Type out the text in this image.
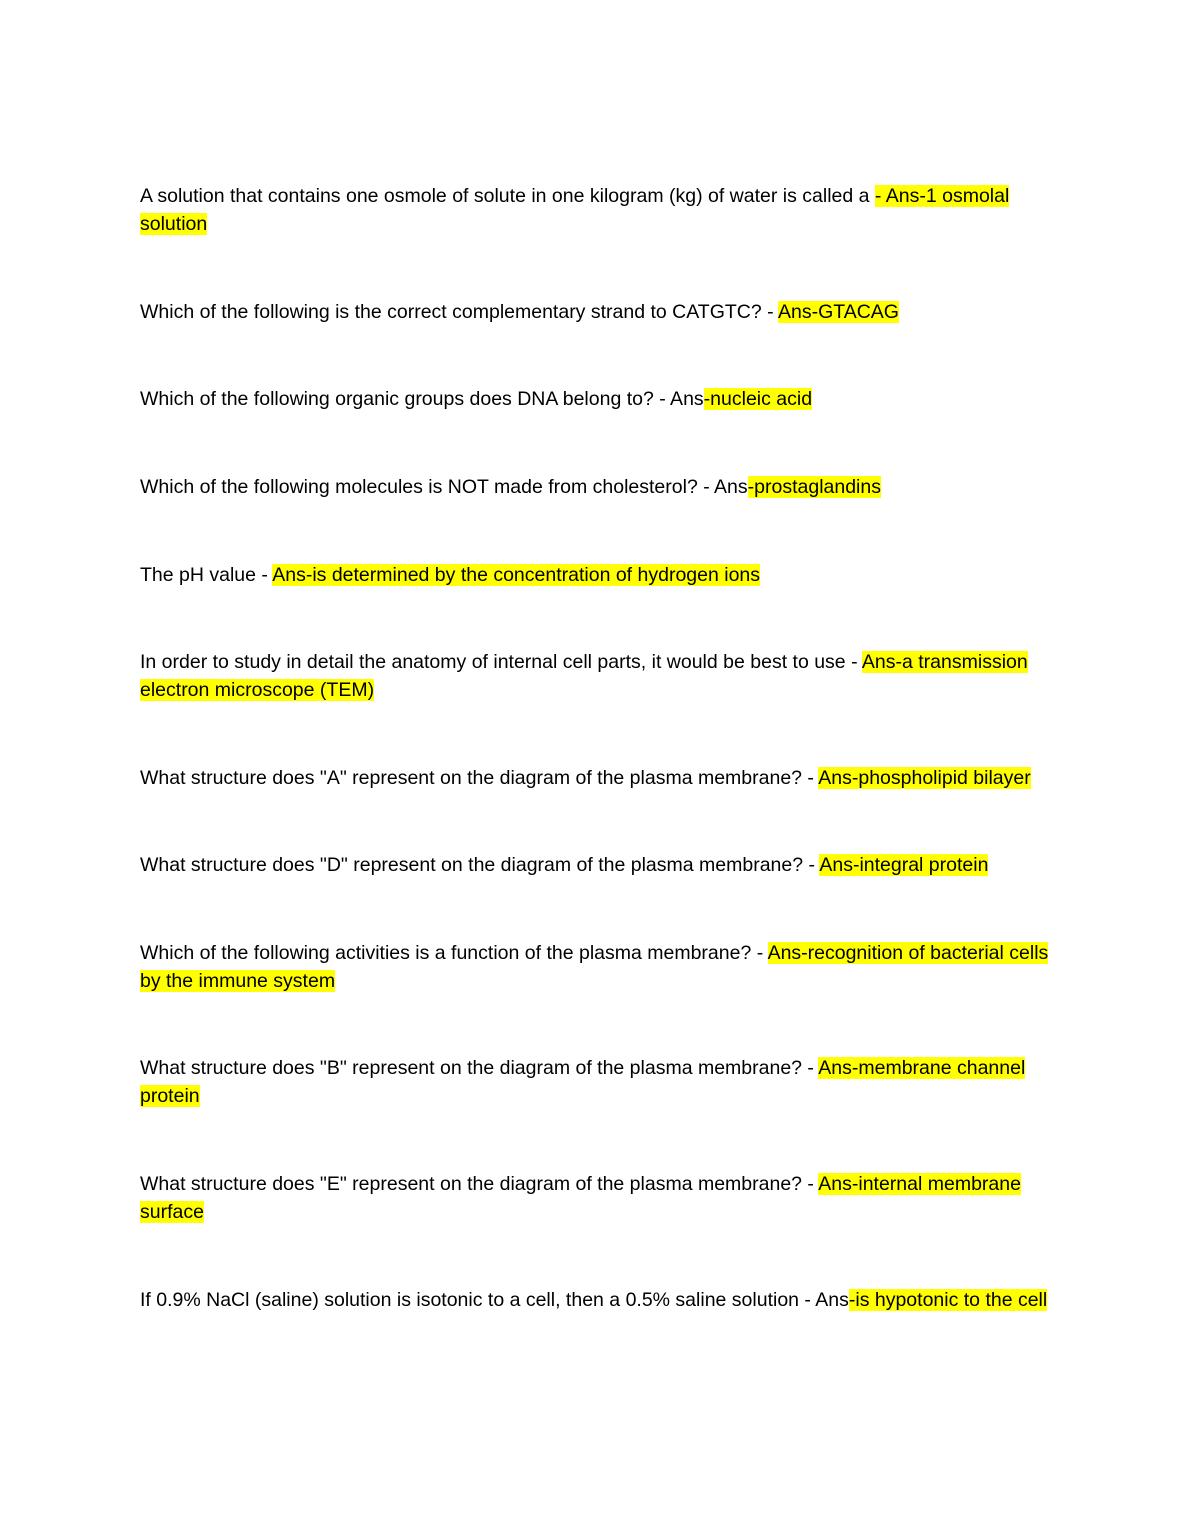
A solution that contains one osmole of solute in one kilogram (kg) of water is called a - Ans-1 osmolal solution

Which of the following is the correct complementary strand to CATGTC? - Ans-GTACAG

Which of the following organic groups does DNA belong to? - Ans-nucleic acid

Which of the following molecules is NOT made from cholesterol? - Ans-prostaglandins

The pH value - Ans-is determined by the concentration of hydrogen ions

In order to study in detail the anatomy of internal cell parts, it would be best to use - Ans-a transmission electron microscope (TEM)

What structure does "A" represent on the diagram of the plasma membrane? - Ans-phospholipid bilayer

What structure does "D" represent on the diagram of the plasma membrane? - Ans-integral protein

Which of the following activities is a function of the plasma membrane? - Ans-recognition of bacterial cells by the immune system

What structure does "B" represent on the diagram of the plasma membrane? - Ans-membrane channel protein

What structure does "E" represent on the diagram of the plasma membrane? - Ans-internal membrane surface

If 0.9% NaCl (saline) solution is isotonic to a cell, then a 0.5% saline solution - Ans-is hypotonic to the cell
